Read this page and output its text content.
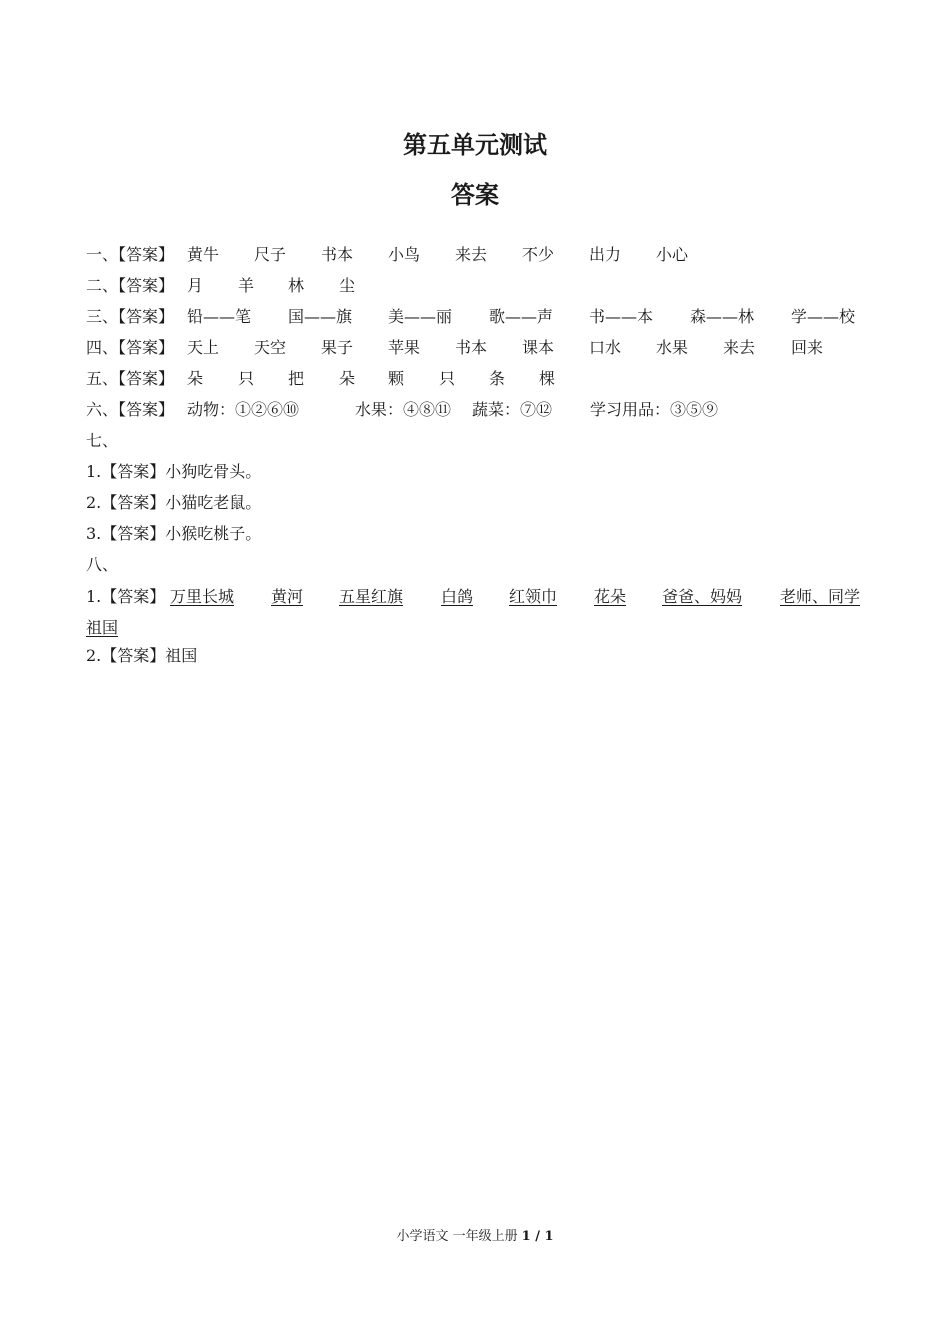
第五单元测试
答案
一、【答案】 黄牛 尺子 书本 小鸟 来去 不少 出力 小心
二、【答案】 月 羊 林 尘
三、【答案】 铅——笔 国——旗 美——丽 歌——声 书——本 森——林 学——校
四、【答案】 天上 天空 果子 苹果 书本 课本 口水 水果 来去 回来
五、【答案】 朵 只 把 朵 颗 只 条 棵
六、【答案】 动物：①②⑥⑩	水果：④⑧⑪ 蔬菜：⑦⑫ 学习用品：③⑤⑨
七、
1.【答案】小狗吃骨头。
2.【答案】小猫吃老鼠。
3.【答案】小猴吃桃子。
八、
1.【答案】 万里长城 黄河 五星红旗 白鸽 红领巾 花朵 爸爸、妈妈 老师、同学
祖国
2.【答案】祖国
小学语文 一年级上册 1 / 1
